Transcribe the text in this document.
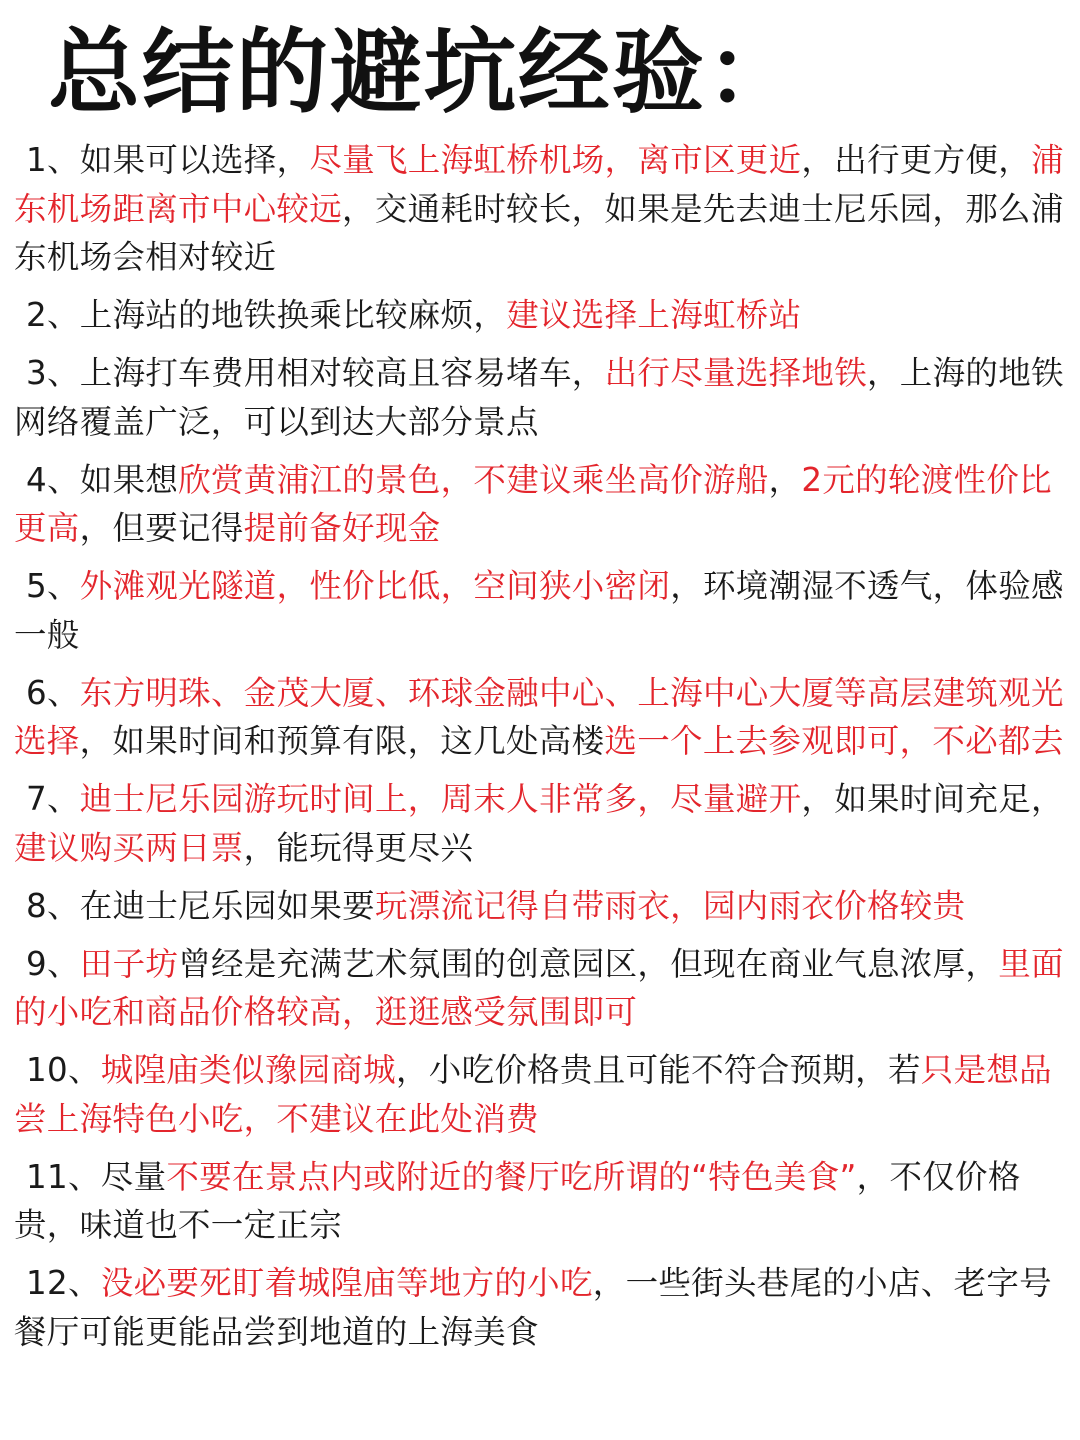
总结的避坑经验：
1、如果可以选择，尽量飞上海虹桥机场，离市区更近，出行更方便，浦东机场距离市中心较远，交通耗时较长，如果是先去迪士尼乐园，那么浦东机场会相对较近
2、上海站的地铁换乘比较麻烦，建议选择上海虹桥站
3、上海打车费用相对较高且容易堵车，出行尽量选择地铁，上海的地铁网络覆盖广泛，可以到达大部分景点
4、如果想欣赏黄浦江的景色，不建议乘坐高价游船，2元的轮渡性价比更高，但要记得提前备好现金
5、外滩观光隧道，性价比低，空间狭小密闭，环境潮湿不透气，体验感一般
6、东方明珠、金茂大厦、环球金融中心、上海中心大厦等高层建筑观光选择，如果时间和预算有限，这几处高楼选一个上去参观即可，不必都去
7、迪士尼乐园游玩时间上，周末人非常多，尽量避开，如果时间充足，建议购买两日票，能玩得更尽兴
8、在迪士尼乐园如果要玩漂流记得自带雨衣，园内雨衣价格较贵
9、田子坊曾经是充满艺术氛围的创意园区，但现在商业气息浓厚，里面的小吃和商品价格较高，逛逛感受氛围即可
10、城隍庙类似豫园商城，小吃价格贵且可能不符合预期，若只是想品尝上海特色小吃，不建议在此处消费
11、尽量不要在景点内或附近的餐厅吃所谓的“特色美食”，不仅价格贵，味道也不一定正宗
12、没必要死盯着城隍庙等地方的小吃，一些街头巷尾的小店、老字号餐厅可能更能品尝到地道的上海美食
